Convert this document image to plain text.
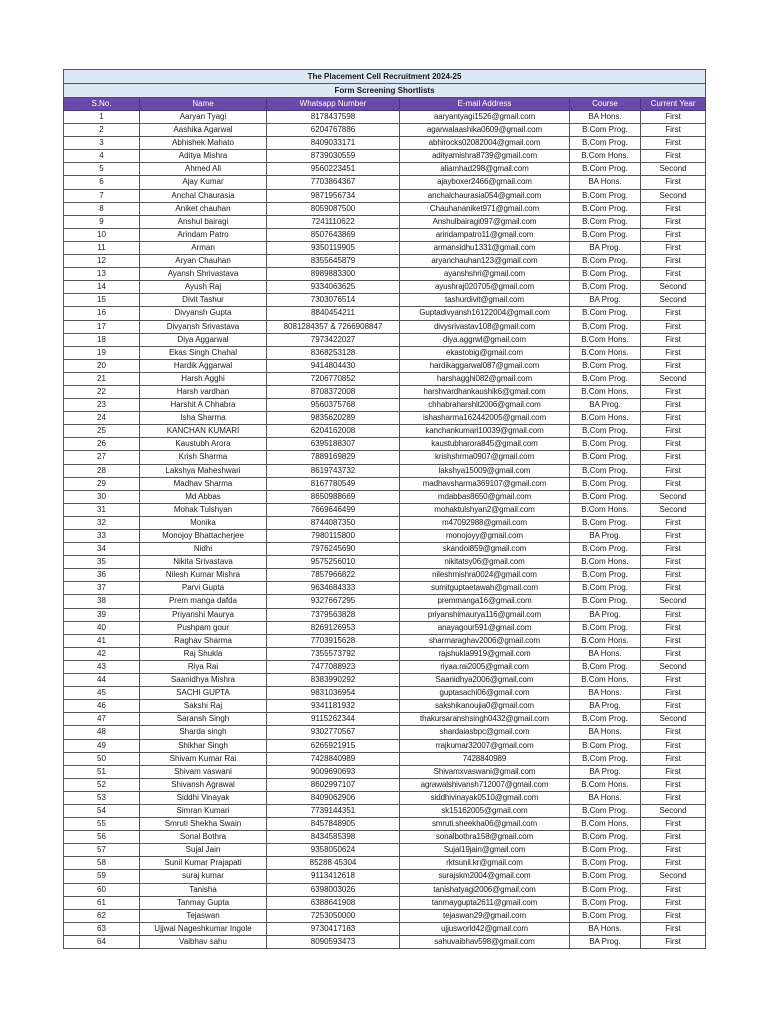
The Placement Cell Recruitment 2024-25					
Form Screening Shortlists					
S.No.	Name	Whatsapp Number	E-mail Address	Course	Current Year
1	Aaryan Tyagi	8178437598	aaryantyagi1526@gmail.com	BA Hons.	First
2	Aashika Agarwal	6204767886	agarwalaashika0609@gmail.com	B.Com Prog.	First
3	Abhishek Mahato	8409033171	abhirocks02082004@gmail.com	B.Com Prog.	First
4	Aditya Mishra	8739030559	adityamishra8739@gmail.com	B.Com Hons.	First
5	Ahmed Ali	9560223451	aliamhad298@gmail.com	B.Com Prog.	Second
6	Ajay Kumar	7703864367	ajayboxer2466@gmail.com	BA Hons.	First
7	Anchal Chaurasia	9871956734	anchalchaurasia054@gmail.com	B.Com Prog.	Second
8	Aniket chauhan	8059087500	Chauhananiket971@gmail.com	B.Com Prog.	First
9	Anshul bairagi	7241110622	Anshulbairagi097@gmail.com	B.Com Prog.	First
10	Arindam Patro	8507643869	arindampatro11@gmail.com	B.Com Prog.	First
11	Arman	9350119905	armansidhu1331@gmail.com	BA Prog.	First
12	Aryan Chauhan	8355645879	aryanchauhan123@gmail.com	B.Com Prog.	First
13	Ayansh Shrivastava	8989883300	ayanshshri@gmail.com	B.Com Prog.	First
14	Ayush Raj	9334063625	ayushraj020705@gmail.com	B.Com Prog.	Second
15	Divit Tashur	7303076514	tashurdivit@gmail.com	BA Prog.	Second
16	Divyansh Gupta	8840454211	Guptadivyansh16122004@gmail.com	B.Com Prog.	First
17	Divyansh Srivastava	8081284357 & 7266908847	divysrivastav108@gmail.com	B.Com Prog.	First
18	Diya Aggarwal	7973422027	diya.aggrwl@gmail.com	B.Com Hons.	First
19	Ekas Singh Chahal	8368253128	ekastobig@gmail.com	B.Com Hons.	First
20	Hardik Aggarwal	9414804430	hardikaggarwal087@gmail.com	B.Com Prog.	First
21	Harsh Agghi	7206770852	harshagghi082@gmail.com	B.Com Prog.	Second
22	Harsh vardhan	8708372008	harshvardhankaushik6@gmail.com	B.Com Hons.	First
23	Harshit A Chhabra	9560375768	chhabraharshit2006@gmail.com	BA Prog.	First
24	Isha Sharma	9835620289	ishasharma162442005@gmail.com	B.Com Hons.	First
25	KANCHAN KUMARI	6204162008	kanchankumari10039@gmail.com	B.Com Prog.	First
26	Kaustubh Arora	6395188307	kaustubharora845@gmail.com	B.Com Prog.	First
27	Krish Sharma	7889169829	krishshrma0907@gmail.com	B.Com Prog.	First
28	Lakshya Maheshwari	8619743732	lakshya15009@gmail.com	B.Com Prog.	First
29	Madhav Sharma	8167780549	madhavsharma369107@gmail.com	B.Com Prog.	First
30	Md Abbas	8650988669	mdabbas8650@gmail.com	B.Com Prog.	Second
31	Mohak Tulshyan	7669646499	mohaktulshyan2@gmail.com	B.Com Hons.	Second
32	Monika	8744087350	m47092988@gmail.com	B.Com Prog.	First
33	Monojoy Bhattacherjee	7980115800	monojoyy@gmail.com	BA Prog.	First
34	Nidhi	7976245690	skandoi859@gmail.com	B.Com Prog.	First
35	Nikita Srivastava	9575256010	nikitatsy06@gmail.com	B.Com Hons.	First
36	Nilesh Kumar Mishra	7857966822	nileshmishra0024@gmail.com	B.Com Prog.	First
37	Parvi Gupta	9634684333	sumitguptaetawah@gmail.com	B.Com Prog.	First
38	Prem manga dafda	9327667295	premmanga16@gmail.com	B.Com Prog.	Second
39	Priyanshi Maurya	7379563828	priyanshimaurya116@gmail.com	BA Prog.	First
40	Pushpam gour	8269126953	anayagour591@gmail.com	B.Com Prog.	First
41	Raghav Sharma	7703915628	sharmaraghav2006@gmail.com	B.Com Hons.	First
42	Raj Shukla	7355573792	rajshukla9919@gmail.com	BA Hons.	First
43	Riya Rai	7477088923	riyaa.rai2005@gmail.com	B.Com Prog.	Second
44	Saanidhya Mishra	8383990292	Saanidhya2006@gmail.com	B.Com Hons.	First
45	SACHI GUPTA	9831036954	guptasachi06@gmail.com	BA Hons.	First
46	Sakshi Raj	9341181932	sakshikanoujia0@gmail.com	BA Prog.	First
47	Saransh Singh	9115262344	thakursaranshsingh0432@gmail.com	B.Com Prog.	Second
48	Sharda singh	9302770567	shardaiasbpc@gmail.com	BA Hons.	First
49	Shikhar Singh	6265921915	rrajkumar32007@gmail.com	B.Com Prog.	First
50	Shivam Kumar Rai	7428840989	7428840989	B.Com Prog.	First
51	Shivam vaswani	9009690693	Shivamxvaswani@gmail.com	BA Prog.	First
52	Shivansh Agrawal	8602997107	agrawalshivansh712007@gmail.com	B.Com Hons.	First
53	Siddhi Vinayak	8409062906	siddhivinayak0510@gmail.com	BA Hons.	First
54	Simran Kumari	7739144351	sk15162005@gmail.com	B.Com Prog.	Second
55	Smruti Shekha Swain	8457848905	smruti.sheekha06@gmail.com	B.Com Hons.	First
56	Sonal Bothra	8434585398	sonalbothra158@gmail.com	B.Com Prog.	First
57	Sujal Jain	9358050624	Sujal19jain@gmail.com	B.Com Prog.	First
58	Sunil Kumar Prajapati	85288 45304	rktsunil.kr@gmail.com	B.Com Prog.	First
59	suraj kumar	9113412618	surajskm2004@gmail.com	B.Com Prog.	Second
60	Tanisha	6398003026	tanishatyagi2006@gmail.com	B.Com Prog.	First
61	Tanmay Gupta	6388641908	tanmaygupta2611@gmail.com	B.Com Prog.	First
62	Tejaswan	7253050000	tejaswan29@gmail.com	B.Com Prog.	First
63	Ujjwal Nageshkumar Ingole	9730417183	ujjusworld42@gmail.com	BA Hons.	First
64	Vaibhav sahu	8090593473	sahuvaibhav598@gmail.com	BA Prog.	First
